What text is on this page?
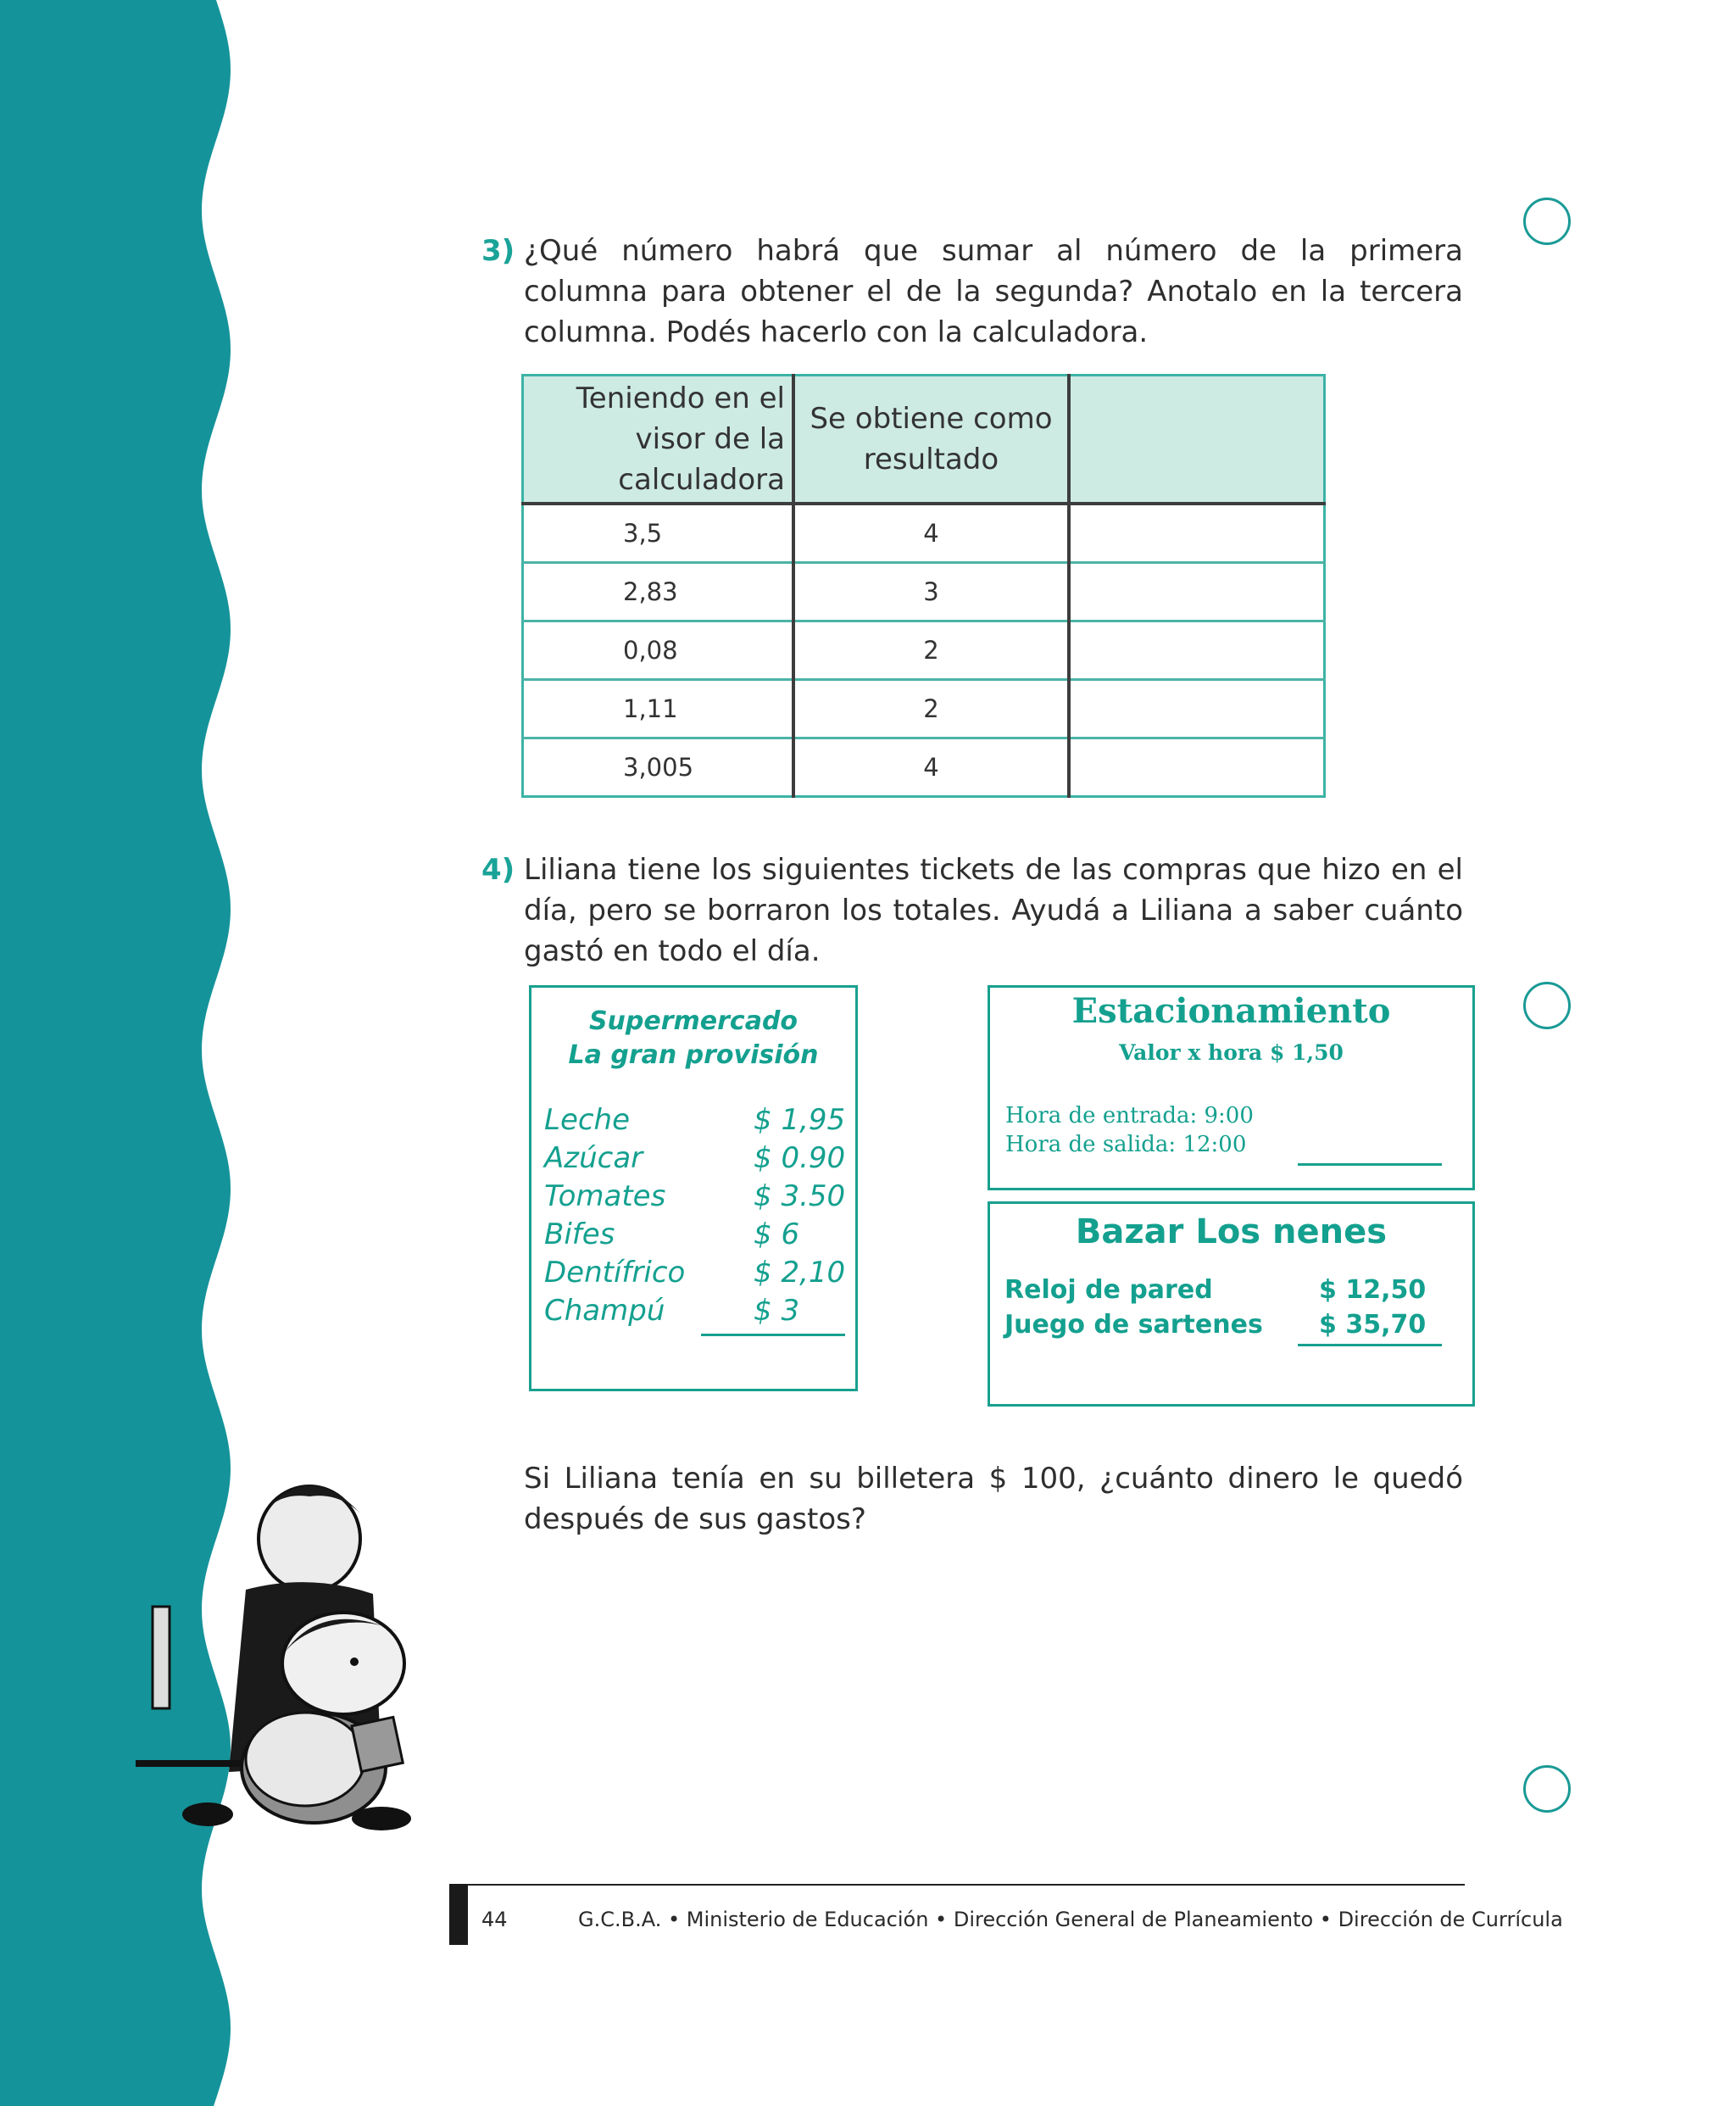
3) ¿Qué número habrá que sumar al número de la primera columna para obtener el de la segunda? Anotalo en la tercera columna. Podés hacerlo con la calculadora.
Teniendo en el visor de la calculadora	Se obtiene como resultado	
3,5	4	
2,83	3	
0,08	2	
1,11	2	
3,005	4	
4) Liliana tiene los siguientes tickets de las compras que hizo en el día, pero se borraron los totales. Ayudá a Liliana a saber cuánto gastó en todo el día.
Supermercado
La gran provisión
Leche	$ 1,95
Azúcar	$ 0.90
Tomates	$ 3.50
Bifes	$ 6
Dentífrico $ 2,10
Champú	$ 3
Estacionamiento
Valor x hora $ 1,50
Hora de entrada: 9:00
Hora de salida: 12:00
Bazar Los nenes
Reloj de pared	$ 12,50
Juego de sartenes $ 35,70
Si Liliana tenía en su billetera $ 100, ¿cuánto dinero le quedó después de sus gastos?
44	G.C.B.A. • Ministerio de Educación • Dirección General de Planeamiento • Dirección de Currícula
